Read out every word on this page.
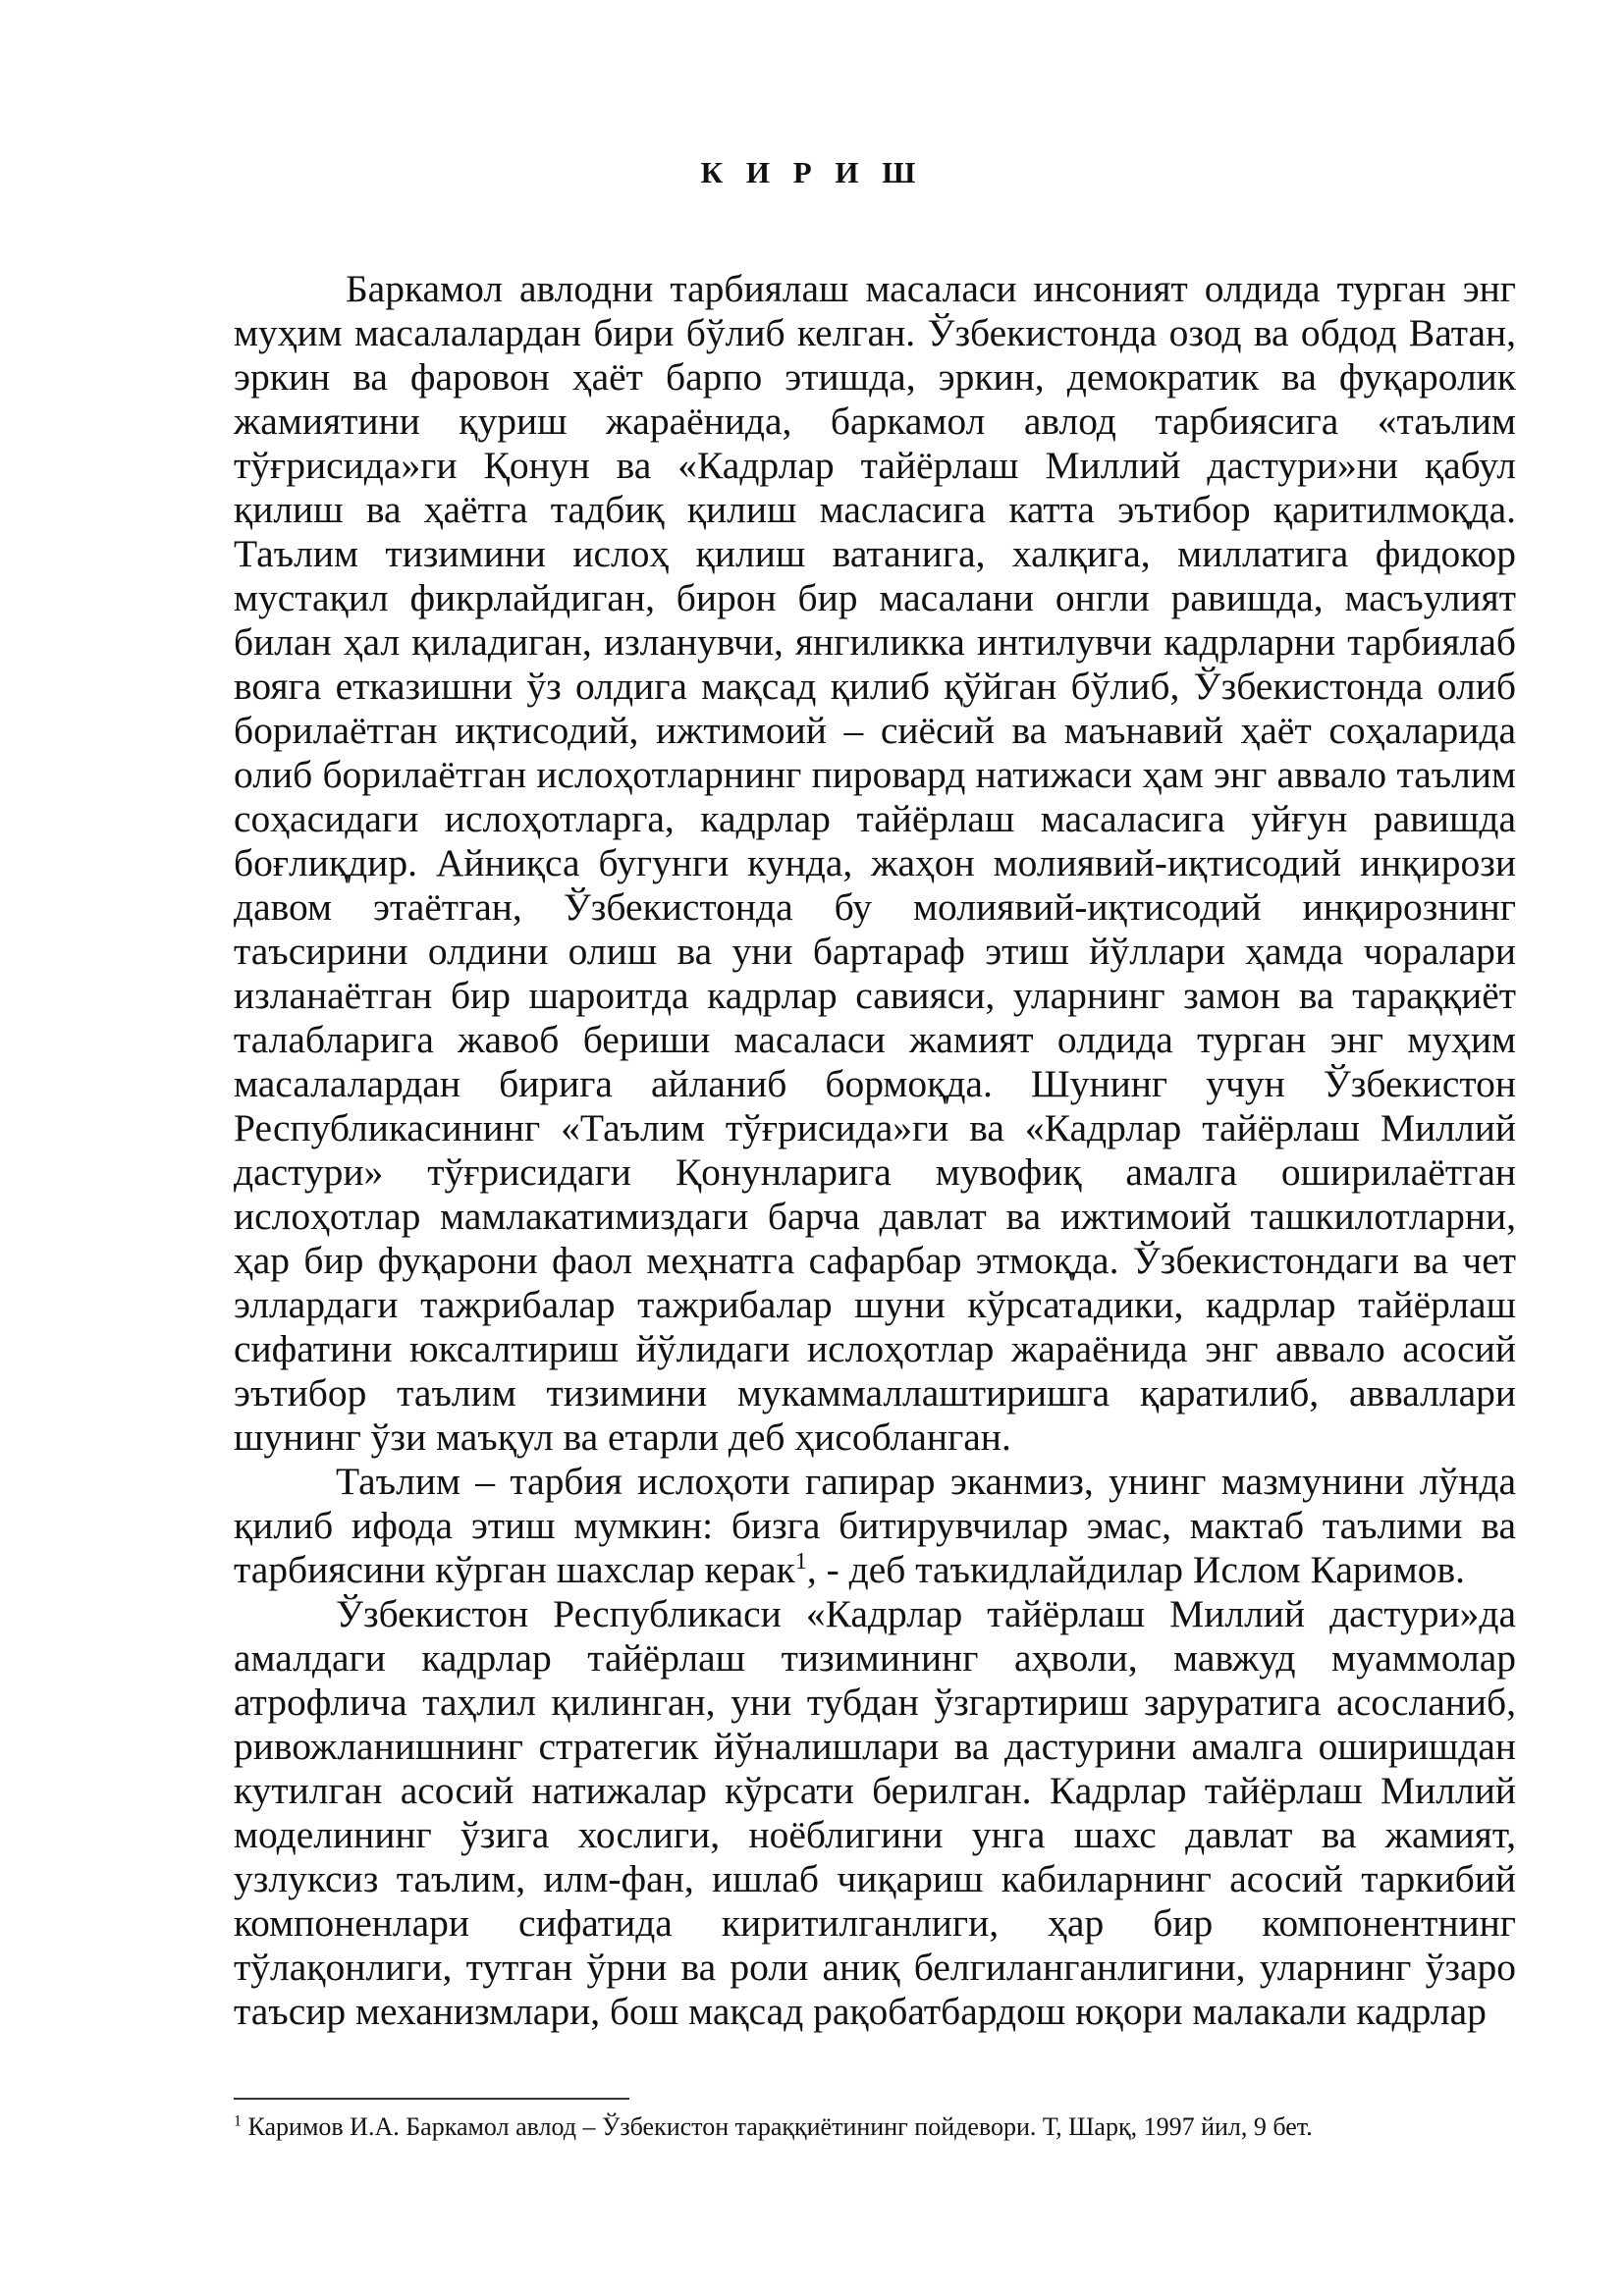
К И Р И Ш

Баркамол авлодни тарбиялаш масаласи инсоният олдида турган энг муҳим масалалардан бири бўлиб келган. Ўзбекистонда озод ва обдод Ватан, эркин ва фаровон ҳаёт барпо этишда, эркин, демократик ва фуқаролик жамиятини қуриш жараёнида, баркамол авлод тарбиясига «таълим тўғрисида»ги Қонун ва «Кадрлар тайёрлаш Миллий дастури»ни қабул қилиш ва ҳаётга тадбиқ қилиш масласига катта эътибор қаритилмоқда. Таълим тизимини ислоҳ қилиш ватанига, халқига, миллатига фидокор мустақил фикрлайдиган, бирон бир масалани онгли равишда, масъулият билан ҳал қиладиган, изланувчи, янгиликка интилувчи кадрларни тарбиялаб вояга етказишни ўз олдига мақсад қилиб қўйган бўлиб, Ўзбекистонда олиб борилаётган иқтисодий, ижтимоий – сиёсий ва маънавий ҳаёт соҳаларида олиб борилаётган ислоҳотларнинг пировард натижаси ҳам энг аввало таълим соҳасидаги ислоҳотларга, кадрлар тайёрлаш масаласига уйғун равишда боғлиқдир. Айниқса бугунги кунда, жаҳон молиявий-иқтисодий инқирози давом этаётган, Ўзбекистонда бу молиявий-иқтисодий инқирознинг таъсирини олдини олиш ва уни бартараф этиш йўллари ҳамда чоралари изланаётган бир шароитда кадрлар савияси, уларнинг замон ва тараққиёт талабларига жавоб бериши масаласи жамият олдида турган энг муҳим масалалардан бирига айланиб бормоқда. Шунинг учун Ўзбекистон Республикасининг «Таълим тўғрисида»ги ва «Кадрлар тайёрлаш Миллий дастури» тўғрисидаги Қонунларига мувофиқ амалга оширилаётган ислоҳотлар мамлакатимиздаги барча давлат ва ижтимоий ташкилотларни, ҳар бир фуқарони фаол меҳнатга сафарбар этмоқда. Ўзбекистондаги ва чет эллардаги тажрибалар тажрибалар шуни кўрсатадики, кадрлар тайёрлаш сифатини юксалтириш йўлидаги ислоҳотлар жараёнида энг аввало асосий эътибор таълим тизимини мукаммаллаштиришга қаратилиб, авваллари шунинг ўзи маъқул ва етарли деб ҳисобланган.

Таълим – тарбия ислоҳоти гапирар эканмиз, унинг мазмунини лўнда қилиб ифода этиш мумкин: бизга битирувчилар эмас, мактаб таълими ва тарбиясини кўрган шахслар керак$^1$, - деб таъкидлайдилар Ислом Каримов.

Ўзбекистон Республикаси «Кадрлар тайёрлаш Миллий дастури»да амалдаги кадрлар тайёрлаш тизимининг аҳволи, мавжуд муаммолар атрофлича таҳлил қилинган, уни тубдан ўзгартириш заруратига асосланиб, ривожланишнинг стратегик йўналишлари ва дастурини амалга оширишдан кутилган асосий натижалар кўрсати берилган. Кадрлар тайёрлаш Миллий моделининг ўзига хослиги, ноёблигини унга шахс давлат ва жамият, узлуксиз таълим, илм-фан, ишлаб чиқариш кабиларнинг асосий таркибий компоненлари сифатида киритилганлиги, ҳар бир компонентнинг тўлақонлиги, тутган ўрни ва роли аниқ белгиланганлигини, уларнинг ўзаро таъсир механизмлари, бош мақсад рақобатбардош юқори малакали кадрлар

$^1$ Каримов И.А. Баркамол авлод – Ўзбекистон тараққиётининг пойдевори. Т, Шарқ, 1997 йил, 9 бет.
